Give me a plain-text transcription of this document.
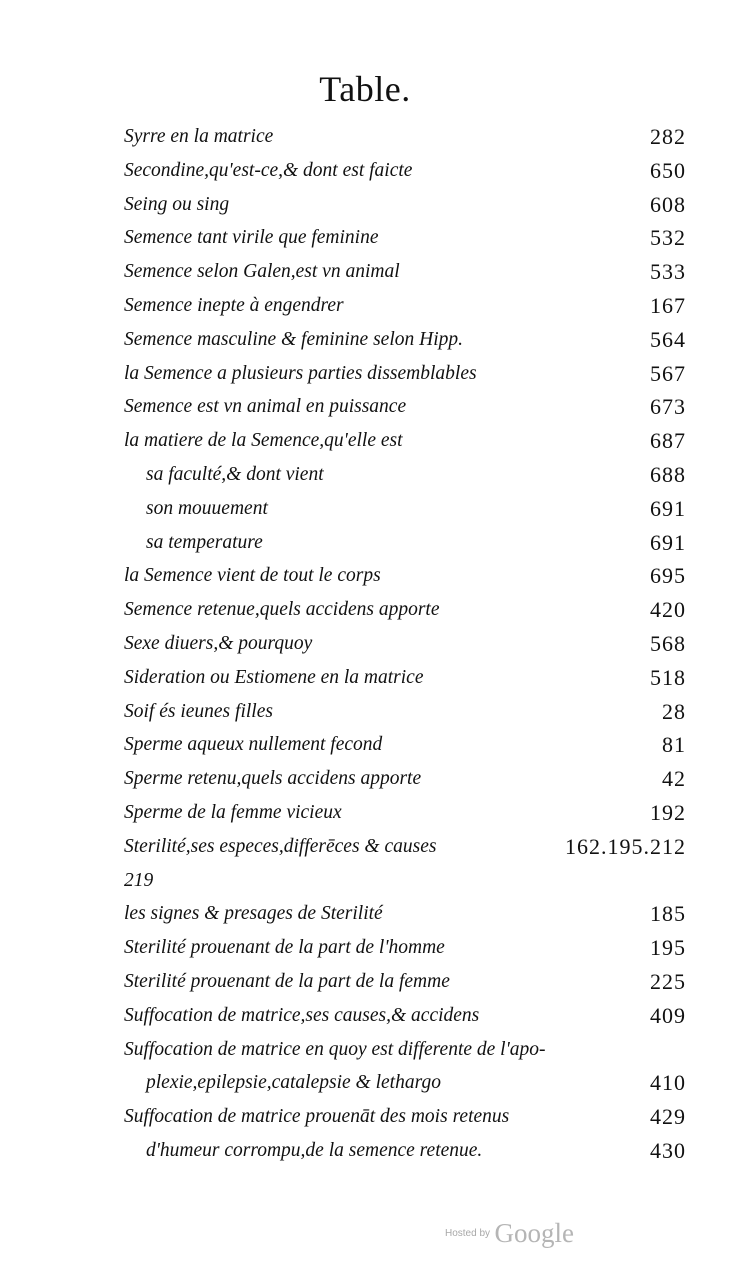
Table.
Syrre en la matrice	282
Secondine,qu'est-ce,& dont est faicte	650
Seing ou sing	608
Semence tant virile que feminine	532
Semence selon Galen,est vn animal	533
Semence inepte à engendrer	167
Semence masculine & feminine selon Hipp.	564
la Semence a plusieurs parties dissemblables	567
Semence est vn animal en puissance	673
la matiere de la Semence,qu'elle est	687
sa faculté,& dont vient	688
son mouuement	691
sa temperature	691
la Semence vient de tout le corps	695
Semence retenue,quels accidens apporte	420
Sexe diuers,& pourquoy	568
Sideration ou Estiomene en la matrice	518
Soif és ieunes filles	28
Sperme aqueux nullement fecond	81
Sperme retenu,quels accidens apporte	42
Sperme de la femme vicieux	192
Sterilité,ses especes,differēces & causes	162.195.212
219
les signes & presages de Sterilité	185
Sterilité prouenant de la part de l'homme	195
Sterilité prouenant de la part de la femme	225
Suffocation de matrice,ses causes,& accidens	409
Suffocation de matrice en quoy est differente de l'apo-
plexie,epilepsie,catalepsie & lethargo	410
Suffocation de matrice prouenāt des mois retenus	429
d'humeur corrompu,de la semence retenue.	430
Hosted by Google
